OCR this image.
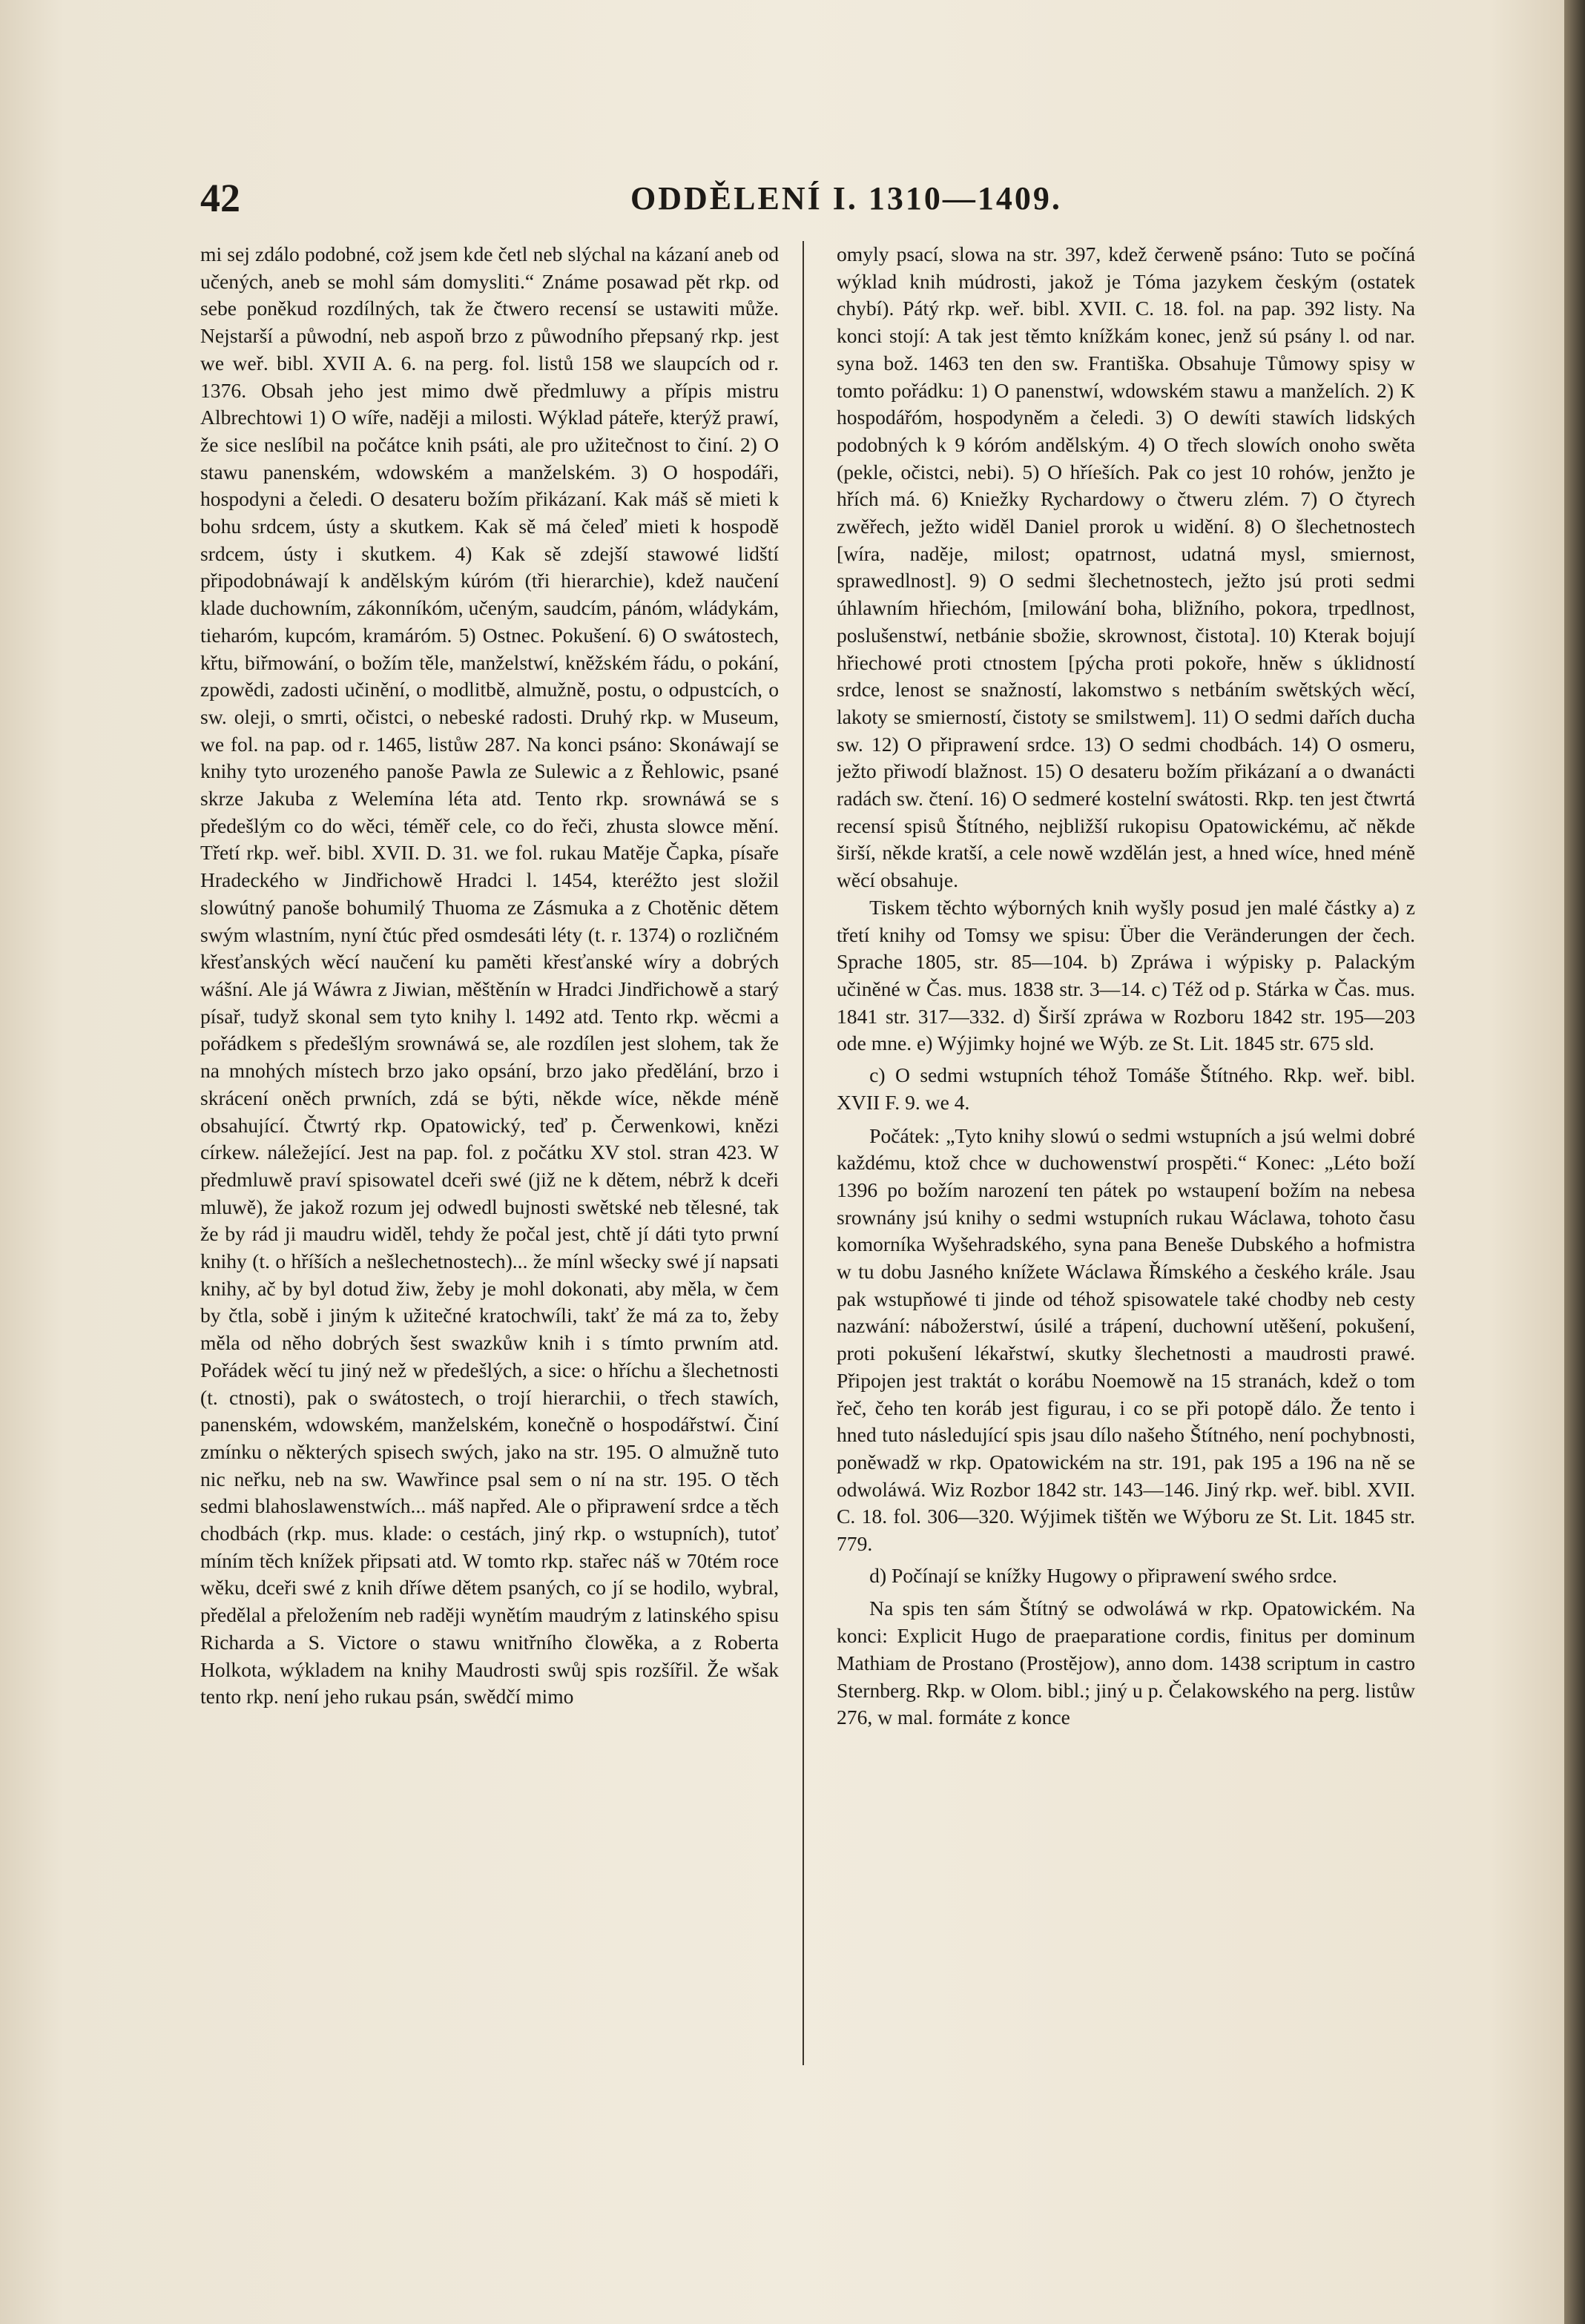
42	ODDĚLENÍ I. 1310—1409.

mi sej zdálo podobné, což jsem kde četl neb slýchal na kázaní aneb od učených, aneb se mohl sám domysliti.“ Známe posawad pět rkp. od sebe poněkud rozdílných, tak že čtwero recensí se ustawiti může. Nejstarší a půwodní, neb aspoň brzo z půwodního přepsaný rkp. jest we weř. bibl. XVII A. 6. na perg. fol. listů 158 we slaupcích od r. 1376. Obsah jeho jest mimo dwě předmluwy a přípis mistru Albrechtowi 1) O wíře, naději a milosti. Wýklad páteře, kterýž prawí, že sice neslíbil na počátce knih psáti, ale pro užitečnost to činí. 2) O stawu panenském, wdowském a manželském. 3) O hospodáři, hospodyni a čeledi. O desateru božím přikázaní. Kak máš sě mieti k bohu srdcem, ústy a skutkem. Kak sě má čeleď mieti k hospodě srdcem, ústy i skutkem. 4) Kak sě zdejší stawowé lidští připodobnáwají k andělským kúróm (tři hierarchie), kdež naučení klade duchowním, zákonníkóm, učeným, saudcím, pánóm, wládykám, tieharóm, kupcóm, kramáróm. 5) Ostnec. Pokušení. 6) O swátostech, křtu, biřmowání, o božím těle, manželstwí, kněžském řádu, o pokání, zpowědi, zadosti učinění, o modlitbě, almužně, postu, o odpustcích, o sw. oleji, o smrti, očistci, o nebeské radosti. Druhý rkp. w Museum, we fol. na pap. od r. 1465, listůw 287. Na konci psáno: Skonáwají se knihy tyto urozeného panoše Pawla ze Sulewic a z Řehlowic, psané skrze Jakuba z Welemína léta atd. Tento rkp. srownáwá se s předešlým co do wěci, téměř cele, co do řeči, zhusta slowce mění. Třetí rkp. weř. bibl. XVII. D. 31. we fol. rukau Matěje Čapka, písaře Hradeckého w Jindřichowě Hradci l. 1454, kteréžto jest složil slowútný panoše bohumilý Thuoma ze Zásmuka a z Chotěnic dětem swým wlastním, nyní čtúc před osmdesáti léty (t. r. 1374) o rozličném křesťanských wěcí naučení ku paměti křesťanské wíry a dobrých wášní. Ale já Wáwra z Jiwian, měštěnín w Hradci Jindřichowě a starý písař, tudyž skonal sem tyto knihy l. 1492 atd. Tento rkp. wěcmi a pořádkem s předešlým srownáwá se, ale rozdílen jest slohem, tak že na mnohých místech brzo jako opsání, brzo jako předělání, brzo i skrácení oněch prwních, zdá se býti, někde wíce, někde méně obsahující. Čtwrtý rkp. Opatowický, teď p. Čerwenkowi, knězi církew. náležející. Jest na pap. fol. z počátku XV stol. stran 423. W předmluwě praví spisowatel dceři swé (již ne k dětem, nébrž k dceři mluwě), že jakož rozum jej odwedl bujnosti swětské neb tělesné, tak že by rád ji maudru widěl, tehdy že počal jest, chtě jí dáti tyto prwní knihy (t. o hříších a nešlechetnostech)... že mínl wšecky swé jí napsati knihy, ač by byl dotud žiw, žeby je mohl dokonati, aby měla, w čem by čtla, sobě i jiným k užitečné kratochwíli, takť že má za to, žeby měla od něho dobrých šest swazkůw knih i s tímto prwním atd. Pořádek wěcí tu jiný než w předešlých, a sice: o hříchu a šlechetnosti (t. ctnosti), pak o swátostech, o trojí hierarchii, o třech stawích, panenském, wdowském, manželském, konečně o hospodářstwí. Činí zmínku o některých spisech swých, jako na str. 195. O almužně tuto nic neřku, neb na sw. Wawřince psal sem o ní na str. 195. O těch sedmi blahoslawenstwích... máš napřed. Ale o připrawení srdce a těch chodbách (rkp. mus. klade: o cestách, jiný rkp. o wstupních), tutoť míním těch knížek připsati atd. W tomto rkp. stařec náš w 70tém roce wěku, dceři swé z knih dříwe dětem psaných, co jí se hodilo, wybral, předělal a přeložením neb raději wynětím maudrým z latinského spisu Richarda a S. Victore o stawu wnitřního člowěka, a z Roberta Holkota, wýkladem na knihy Maudrosti swůj spis rozšířil. Že wšak tento rkp. není jeho rukau psán, swědčí mimo

omyly psací, slowa na str. 397, kdež čerweně psáno: Tuto se počíná wýklad knih múdrosti, jakož je Tóma jazykem českým (ostatek chybí). Pátý rkp. weř. bibl. XVII. C. 18. fol. na pap. 392 listy. Na konci stojí: A tak jest těmto knížkám konec, jenž sú psány l. od nar. syna bož. 1463 ten den sw. Františka. Obsahuje Tůmowy spisy w tomto pořádku: 1) O panenstwí, wdowském stawu a manželích. 2) K hospodářóm, hospodyněm a čeledi. 3) O dewíti stawích lidských podobných k 9 kóróm andělským. 4) O třech slowích onoho swěta (pekle, očistci, nebi). 5) O hříeších. Pak co jest 10 rohów, jenžto je hřích má. 6) Kniežky Rychardowy o čtweru zlém. 7) O čtyrech zwěřech, ježto widěl Daniel prorok u widění. 8) O šlechetnostech [wíra, naděje, milost; opatrnost, udatná mysl, smiernost, sprawedlnost]. 9) O sedmi šlechetnostech, ježto jsú proti sedmi úhlawním hřiechóm, [milowání boha, bližního, pokora, trpedlnost, poslušenstwí, netbánie sbožie, skrownost, čistota]. 10) Kterak bojují hřiechowé proti ctnostem [pýcha proti pokoře, hněw s úklidností srdce, lenost se snažností, lakomstwo s netbáním swětských wěcí, lakoty se smierností, čistoty se smilstwem]. 11) O sedmi dařích ducha sw. 12) O připrawení srdce. 13) O sedmi chodbách. 14) O osmeru, ježto přiwodí blažnost. 15) O desateru božím přikázaní a o dwanácti radách sw. čtení. 16) O sedmeré kostelní swátosti. Rkp. ten jest čtwrtá recensí spisů Štítného, nejbližší rukopisu Opatowickému, ač někde širší, někde kratší, a cele nowě wzdělán jest, a hned wíce, hned méně wěcí obsahuje.

Tiskem těchto wýborných knih wyšly posud jen malé částky a) z třetí knihy od Tomsy we spisu: Über die Veränderungen der čech. Sprache 1805, str. 85—104. b) Zpráwa i wýpisky p. Palackým učiněné w Čas. mus. 1838 str. 3—14. c) Též od p. Stárka w Čas. mus. 1841 str. 317—332. d) Širší zpráwa w Rozboru 1842 str. 195—203 ode mne. e) Wýjimky hojné we Wýb. ze St. Lit. 1845 str. 675 sld.

c) O sedmi wstupních téhož Tomáše Štítného. Rkp. weř. bibl. XVII F. 9. we 4.

Počátek: „Tyto knihy slowú o sedmi wstupních a jsú welmi dobré každému, ktož chce w duchowenstwí prospěti.“ Konec: „Léto boží 1396 po božím narození ten pátek po wstaupení božím na nebesa srownány jsú knihy o sedmi wstupních rukau Wáclawa, tohoto času komorníka Wyšehradského, syna pana Beneše Dubského a hofmistra w tu dobu Jasného knížete Wáclawa Římského a českého krále. Jsau pak wstupňowé ti jinde od téhož spisowatele také chodby neb cesty nazwání: nábožerstwí, úsilé a trápení, duchowní utěšení, pokušení, proti pokušení lékařstwí, skutky šlechetnosti a maudrosti prawé. Připojen jest traktát o korábu Noemowě na 15 stranách, kdež o tom řeč, čeho ten koráb jest figurau, i co se při potopě dálo. Že tento i hned tuto následující spis jsau dílo našeho Štítného, není pochybnosti, poněwadž w rkp. Opatowickém na str. 191, pak 195 a 196 na ně se odwoláwá. Wiz Rozbor 1842 str. 143—146. Jiný rkp. weř. bibl. XVII. C. 18. fol. 306—320. Wýjimek tištěn we Wýboru ze St. Lit. 1845 str. 779.

d) Počínají se knížky Hugowy o připrawení swého srdce.

Na spis ten sám Štítný se odwoláwá w rkp. Opatowickém. Na konci: Explicit Hugo de praeparatione cordis, finitus per dominum Mathiam de Prostano (Prostějow), anno dom. 1438 scriptum in castro Sternberg. Rkp. w Olom. bibl.; jiný u p. Čelakowského na perg. listůw 276, w mal. formáte z konce
